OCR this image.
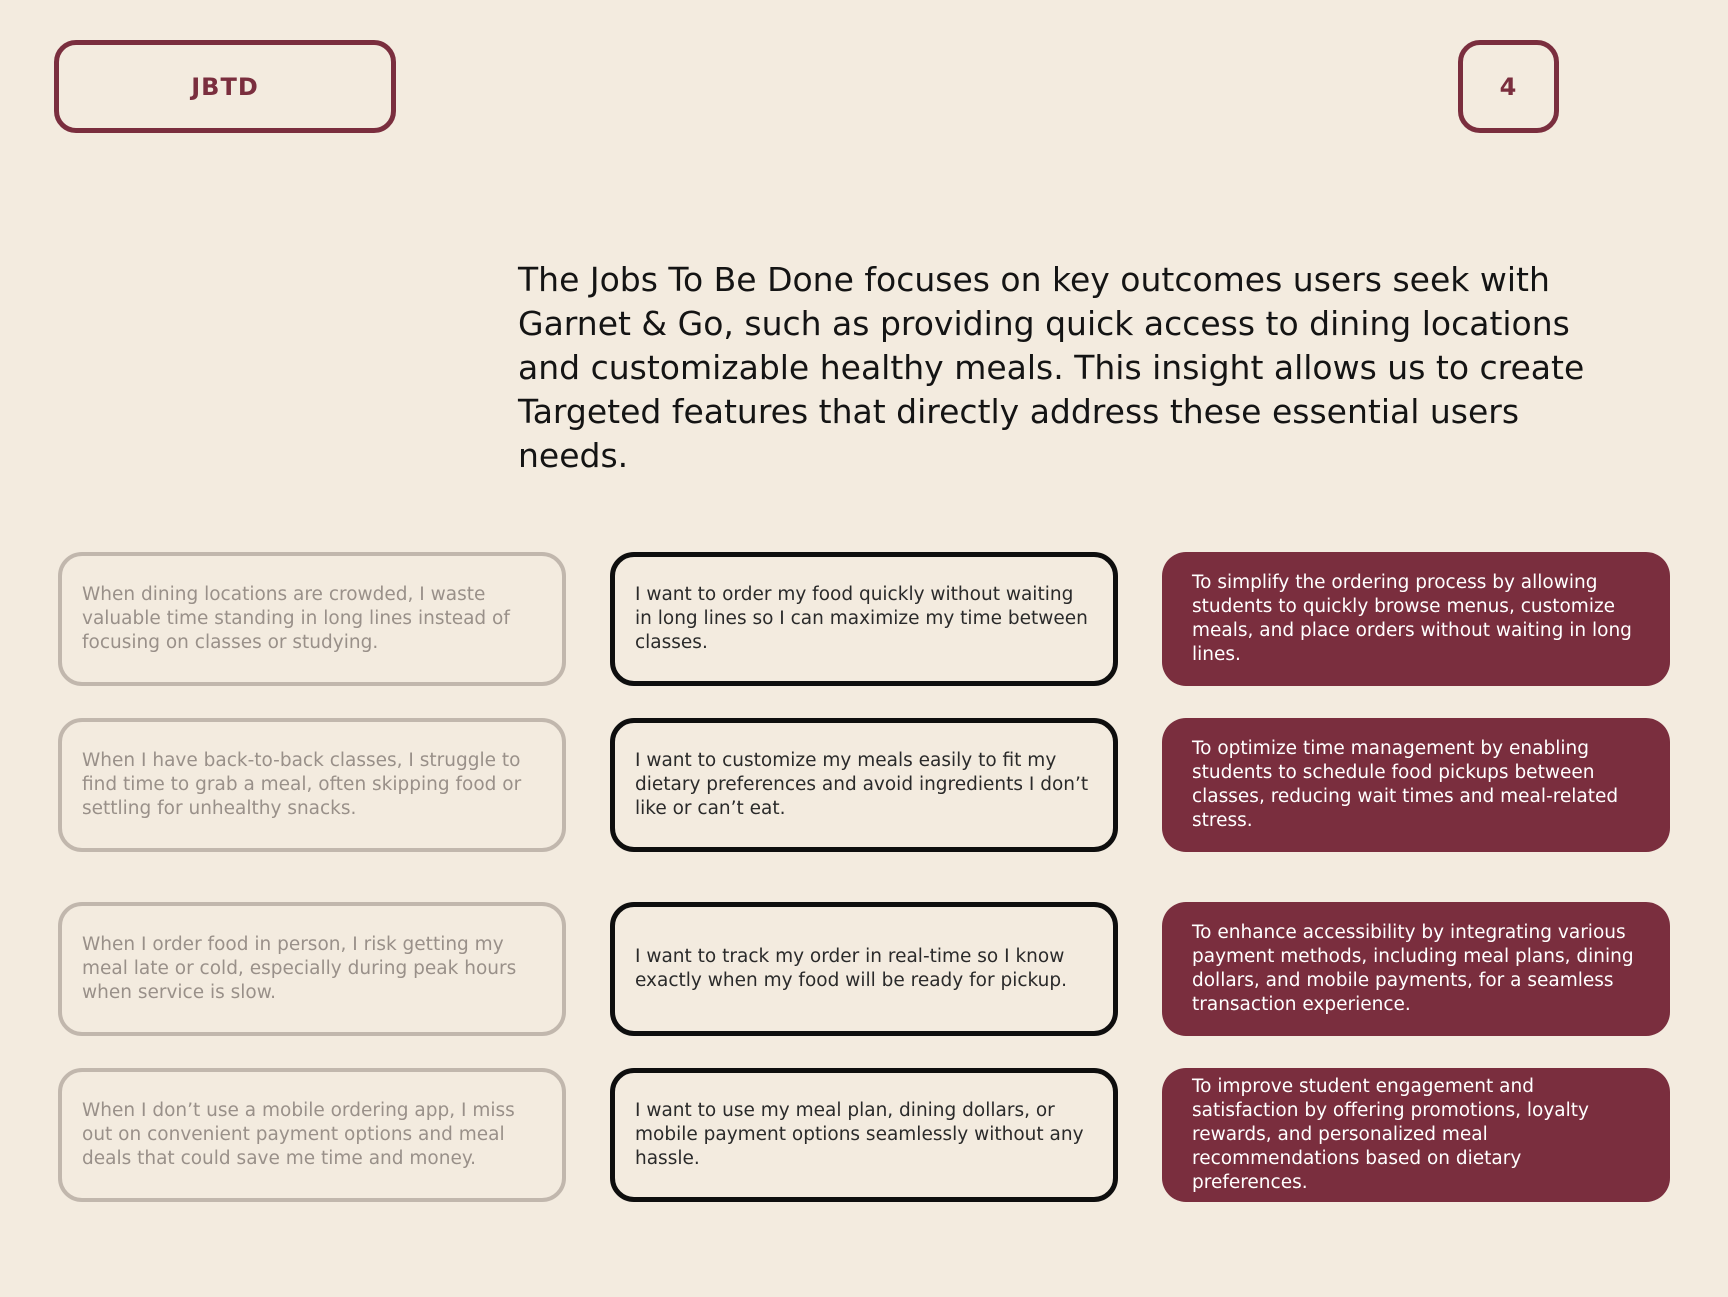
JBTD	4

The Jobs To Be Done focuses on key outcomes users seek with Garnet & Go, such as providing quick access to dining locations and customizable healthy meals. This insight allows us to create Targeted features that directly address these essential users needs.

When dining locations are crowded, I waste valuable time standing in long lines instead of focusing on classes or studying.
I want to order my food quickly without waiting in long lines so I can maximize my time between classes.
To simplify the ordering process by allowing students to quickly browse menus, customize meals, and place orders without waiting in long lines.
When I have back-to-back classes, I struggle to find time to grab a meal, often skipping food or settling for unhealthy snacks.
I want to customize my meals easily to fit my dietary preferences and avoid ingredients I don’t like or can’t eat.
To optimize time management by enabling students to schedule food pickups between classes, reducing wait times and meal-related stress.
When I order food in person, I risk getting my meal late or cold, especially during peak hours when service is slow.
I want to track my order in real-time so I know exactly when my food will be ready for pickup.
To enhance accessibility by integrating various payment methods, including meal plans, dining dollars, and mobile payments, for a seamless transaction experience.
When I don’t use a mobile ordering app, I miss out on convenient payment options and meal deals that could save me time and money.
I want to use my meal plan, dining dollars, or mobile payment options seamlessly without any hassle.
To improve student engagement and satisfaction by offering promotions, loyalty rewards, and personalized meal recommendations based on dietary preferences.
